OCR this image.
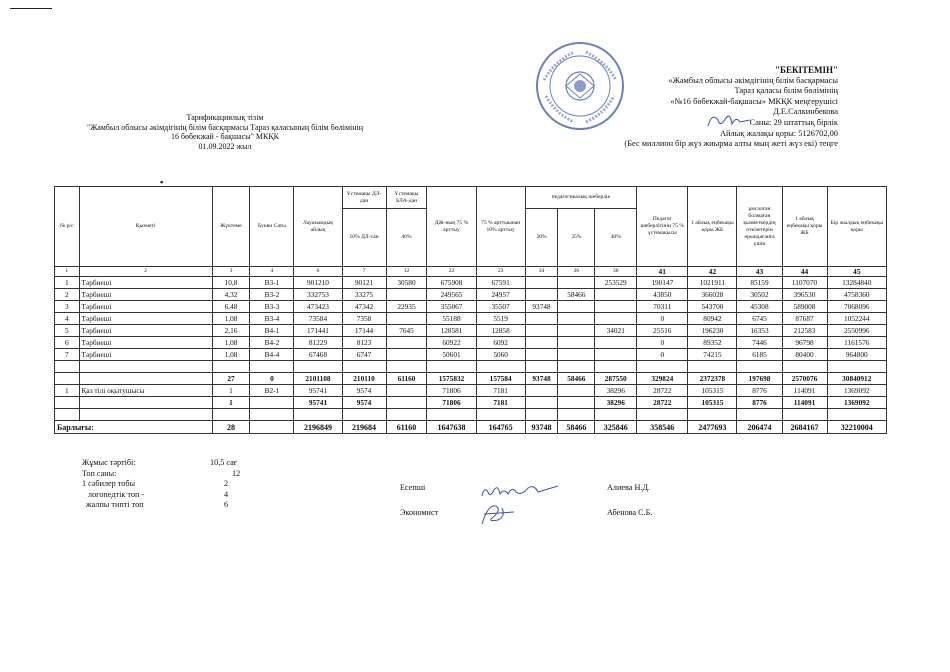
"БЕКІТЕМІН"
«Жамбыл облысы әкімдігінің білім басқармасы
Тараз қаласы білім бөлімінің
«№16 бөбекжай-бақшасы» МКҚК меңгерушісі
Д.Е.Салкинбекова
Саны: 29 штаттық бірлік
Айлық жалақы қоры: 5126702,00
(Бес миллион бір жүз жиырма алты мың жеті жүз екі) теңге
Тарификациялық тізім
"Жамбыл облысы әкімдігінің білім басқармасы Тараз қаласының білім бөлімінің
16 бөбекжай - бақшасы" МКҚК
01.09.2022 жыл
▪
№ р/с	Қызметі	Жүктеме	Букви Саты	Лауазымдық айлық	Үстемақы ДЛ-дан	Үстемақы БЛА-дан	ДЖ-ның 75 % арттыу	75 % арттыынан 10% арттыу	педагогикалық шеберлік			Педагог шеберлігінің 75 % үстемақысы	1 айлық еңбекақы қоры ЖБ	ұмсалған болмаған қызметкердің өткізетерін өрындағанға үшін	1 айлық еңбекақы қоры ЖБ	Бір жылдық еңбекақы қоры
					10% ДЛ-тан	40%			30%	35%	40%					
1	2	3	4	6	7	12	22	23	34	36	38	41	42	43	44	45
1	Тәрбиеші	10,8	В3-1	901210	90121	30580	675908	67591			253529	190147	1021911	85159	1107070	13284840
2	Тәрбиеші	4,32	В3-2	332753	33275		249565	24957		58466		43850	366028	30502	396530	4758360
3	Тәрбиеші	6,48	В3-3	473423	47342	22935	355067	35507	93748			70311	543700	45308	589008	7068096
4	Тәрбиеші	1,08	В3-4	73584	7358		55188	5519				0	80942	6745	87687	1052244
5	Тәрбиеші	2,16	В4-1	171441	17144	7645	128581	12858			34021	25516	196230	16353	212583	2550996
6	Тәрбиеші	1,08	В4-2	81229	8123		60922	6092				0	89352	7446	96798	1161576
7	Тәрбиеші	1,08	В4-4	67468	6747		50601	5060				0	74215	6185	80400	964800

		27	0	2101108	210110	61160	1575832	157584	93748	58466	287550	329824	2372378	197698	2570076	30840912
1	Қаз тілі оқытушысы	1	В2-1	95741	9574		71806	7181			38296	28722	105315	8776	114091	1369092
		1		95741	9574		71806	7181			38296	28722	105315	8776	114091	1369092

Барлығы:		28		2196849	219684	61160	1647638	164765	93748	58466	325846	358546	2477693	206474	2684167	32210004
Жұмыс тәртібі:	10,5 сағ
Топ саны:	12
1 сәбилер тобы	2
логопедтік топ -	4
жалпы типті топ	6
Есепші	Алиева Н.Д.
Экономист	Абенова С.Б.
